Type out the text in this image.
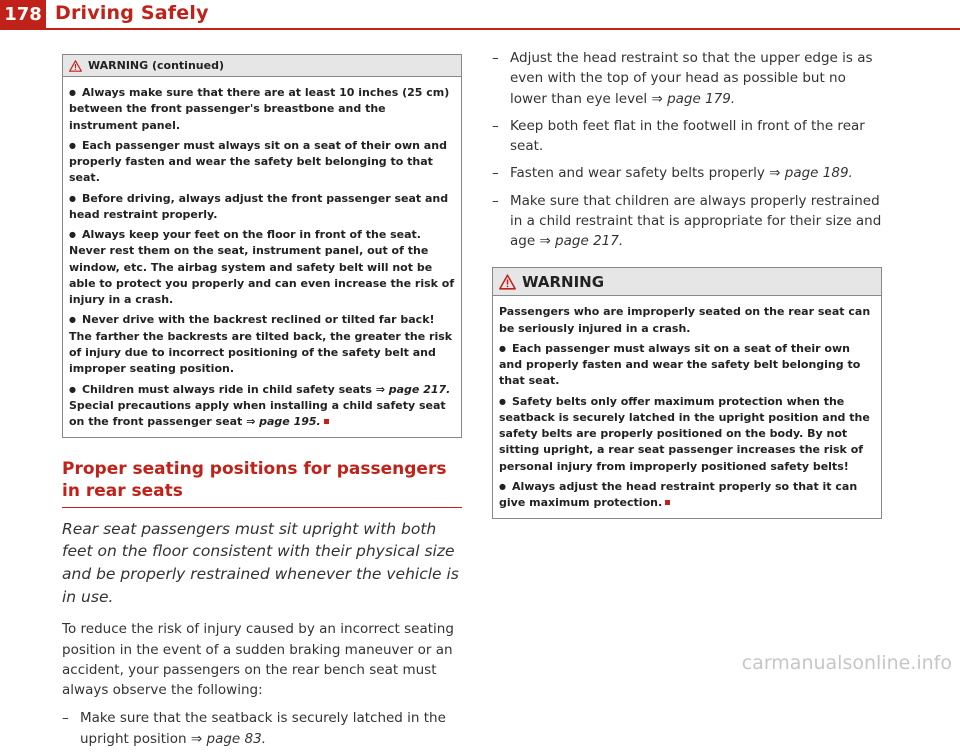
178 Driving Safely
WARNING (continued)

● Always make sure that there are at least 10 inches (25 cm) between the front passenger's breastbone and the instrument panel.

● Each passenger must always sit on a seat of their own and properly fasten and wear the safety belt belonging to that seat.

● Before driving, always adjust the front passenger seat and head restraint properly.

● Always keep your feet on the floor in front of the seat. Never rest them on the seat, instrument panel, out of the window, etc. The airbag system and safety belt will not be able to protect you properly and can even increase the risk of injury in a crash.

● Never drive with the backrest reclined or tilted far back! The farther the backrests are tilted back, the greater the risk of injury due to incorrect positioning of the safety belt and improper seating position.

● Children must always ride in child safety seats ⇒ page 217. Special precautions apply when installing a child safety seat on the front passenger seat ⇒ page 195.

Proper seating positions for passengers in rear seats

Rear seat passengers must sit upright with both feet on the floor consistent with their physical size and be properly restrained whenever the vehicle is in use.

To reduce the risk of injury caused by an incorrect seating position in the event of a sudden braking maneuver or an accident, your passengers on the rear bench seat must always observe the following:

– Make sure that the seatback is securely latched in the upright position ⇒ page 83.

– Adjust the head restraint so that the upper edge is as even with the top of your head as possible but no lower than eye level ⇒ page 179.

– Keep both feet flat in the footwell in front of the rear seat.

– Fasten and wear safety belts properly ⇒ page 189.

– Make sure that children are always properly restrained in a child restraint that is appropriate for their size and age ⇒ page 217.

WARNING

Passengers who are improperly seated on the rear seat can be seriously injured in a crash.

● Each passenger must always sit on a seat of their own and properly fasten and wear the safety belt belonging to that seat.

● Safety belts only offer maximum protection when the seatback is securely latched in the upright position and the safety belts are properly positioned on the body. By not sitting upright, a rear seat passenger increases the risk of personal injury from improperly positioned safety belts!

● Always adjust the head restraint properly so that it can give maximum protection.

carmanualsonline.info
